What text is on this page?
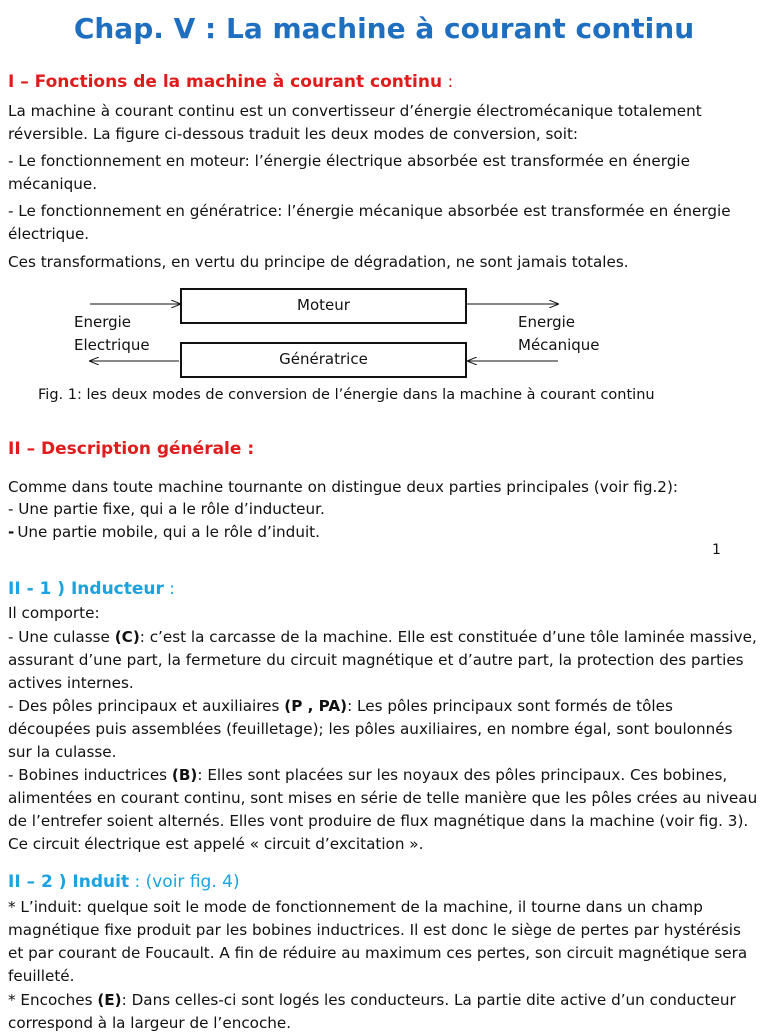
Chap. V : La machine à courant continu
I – Fonctions de la machine à courant continu :

La machine à courant continu est un convertisseur d’énergie électromécanique totalement réversible. La figure ci-dessous traduit les deux modes de conversion, soit:

- Le fonctionnement en moteur: l’énergie électrique absorbée est transformée en énergie mécanique.

- Le fonctionnement en génératrice: l’énergie mécanique absorbée est transformée en énergie électrique.

Ces transformations, en vertu du principe de dégradation, ne sont jamais totales.

Moteur
Génératrice
Energie
Electrique
Energie
Mécanique

Fig. 1: les deux modes de conversion de l’énergie dans la machine à courant continu

II – Description générale :

Comme dans toute machine tournante on distingue deux parties principales (voir fig.2):

- Une partie fixe, qui a le rôle d’inducteur.

- Une partie mobile, qui a le rôle d’induit.

1
II - 1 ) Inducteur :

Il comporte:

- Une culasse (C): c’est la carcasse de la machine. Elle est constituée d’une tôle laminée massive, assurant d’une part, la fermeture du circuit magnétique et d’autre part, la protection des parties actives internes.

- Des pôles principaux et auxiliaires (P , PA): Les pôles principaux sont formés de tôles découpées puis assemblées (feuilletage); les pôles auxiliaires, en nombre égal, sont boulonnés sur la culasse.

- Bobines inductrices (B): Elles sont placées sur les noyaux des pôles principaux. Ces bobines, alimentées en courant continu, sont mises en série de telle manière que les pôles crées au niveau de l’entrefer soient alternés. Elles vont produire de flux magnétique dans la machine (voir fig. 3). Ce circuit électrique est appelé « circuit d’excitation ».

II – 2 ) Induit : (voir fig. 4)

* L’induit: quelque soit le mode de fonctionnement de la machine, il tourne dans un champ magnétique fixe produit par les bobines inductrices. Il est donc le siège de pertes par hystérésis et par courant de Foucault. A fin de réduire au maximum ces pertes, son circuit magnétique sera feuilleté.

* Encoches (E): Dans celles-ci sont logés les conducteurs. La partie dite active d’un conducteur correspond à la largeur de l’encoche.
